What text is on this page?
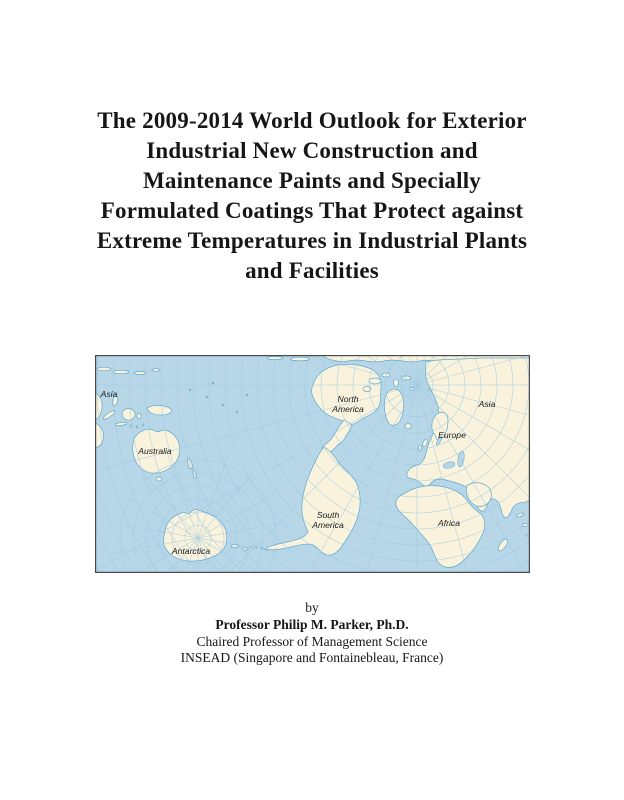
The 2009-2014 World Outlook for Exterior
Industrial New Construction and
Maintenance Paints and Specially
Formulated Coatings That Protect against
Extreme Temperatures in Industrial Plants
and Facilities
Asia
Australia
Antarctica
North
America
South
America
Europe
Asia
Africa
by
Professor Philip M. Parker, Ph.D.
Chaired Professor of Management Science
INSEAD (Singapore and Fontainebleau, France)
